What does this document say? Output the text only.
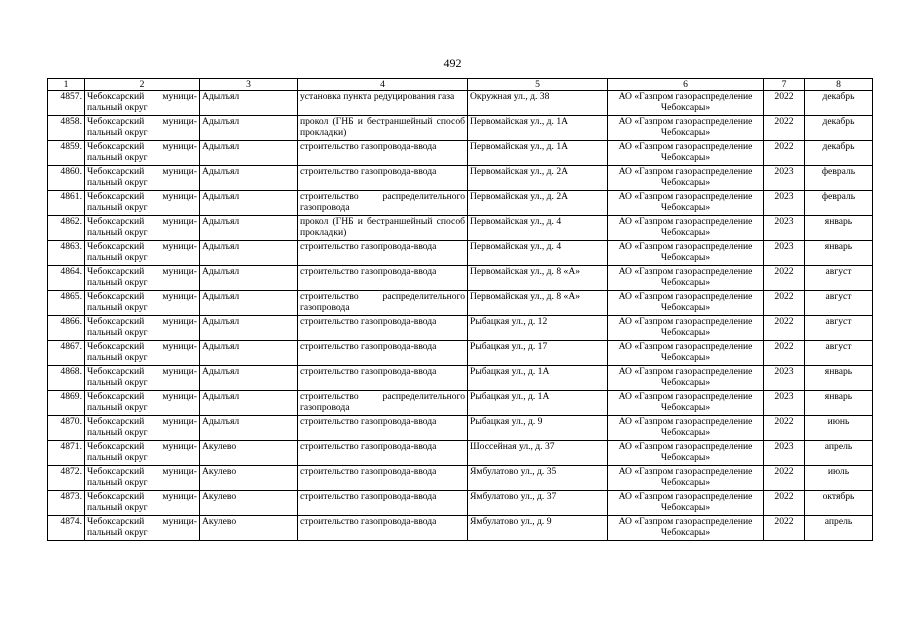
492
1	2	3	4	5	6	7	8
4857.	Чебоксарский муници-пальный округ	Адылъял	установка пункта редуцирования газа	Окружная ул., д. 38	АО «Газпром газораспределение Чебоксары»	2022	декабрь
4858.	Чебоксарский муници-пальный округ	Адылъял	прокол (ГНБ и бестраншейный способ прокладки)	Первомайская ул., д. 1А	АО «Газпром газораспределение Чебоксары»	2022	декабрь
4859.	Чебоксарский муници-пальный округ	Адылъял	строительство газопровода-ввода	Первомайская ул., д. 1А	АО «Газпром газораспределение Чебоксары»	2022	декабрь
4860.	Чебоксарский муници-пальный округ	Адылъял	строительство газопровода-ввода	Первомайская ул., д. 2А	АО «Газпром газораспределение Чебоксары»	2023	февраль
4861.	Чебоксарский муници-пальный округ	Адылъял	строительство распределительного газопровода	Первомайская ул., д. 2А	АО «Газпром газораспределение Чебоксары»	2023	февраль
4862.	Чебоксарский муници-пальный округ	Адылъял	прокол (ГНБ и бестраншейный способ прокладки)	Первомайская ул., д. 4	АО «Газпром газораспределение Чебоксары»	2023	январь
4863.	Чебоксарский муници-пальный округ	Адылъял	строительство газопровода-ввода	Первомайская ул., д. 4	АО «Газпром газораспределение Чебоксары»	2023	январь
4864.	Чебоксарский муници-пальный округ	Адылъял	строительство газопровода-ввода	Первомайская ул., д. 8 «А»	АО «Газпром газораспределение Чебоксары»	2022	август
4865.	Чебоксарский муници-пальный округ	Адылъял	строительство распределительного газопровода	Первомайская ул., д. 8 «А»	АО «Газпром газораспределение Чебоксары»	2022	август
4866.	Чебоксарский муници-пальный округ	Адылъял	строительство газопровода-ввода	Рыбацкая ул., д. 12	АО «Газпром газораспределение Чебоксары»	2022	август
4867.	Чебоксарский муници-пальный округ	Адылъял	строительство газопровода-ввода	Рыбацкая ул., д. 17	АО «Газпром газораспределение Чебоксары»	2022	август
4868.	Чебоксарский муници-пальный округ	Адылъял	строительство газопровода-ввода	Рыбацкая ул., д. 1А	АО «Газпром газораспределение Чебоксары»	2023	январь
4869.	Чебоксарский муници-пальный округ	Адылъял	строительство распределительного газопровода	Рыбацкая ул., д. 1А	АО «Газпром газораспределение Чебоксары»	2023	январь
4870.	Чебоксарский муници-пальный округ	Адылъял	строительство газопровода-ввода	Рыбацкая ул., д. 9	АО «Газпром газораспределение Чебоксары»	2022	июнь
4871.	Чебоксарский муници-пальный округ	Акулево	строительство газопровода-ввода	Шоссейная ул., д. 37	АО «Газпром газораспределение Чебоксары»	2023	апрель
4872.	Чебоксарский муници-пальный округ	Акулево	строительство газопровода-ввода	Ямбулатово ул., д. 35	АО «Газпром газораспределение Чебоксары»	2022	июль
4873.	Чебоксарский муници-пальный округ	Акулево	строительство газопровода-ввода	Ямбулатово ул., д. 37	АО «Газпром газораспределение Чебоксары»	2022	октябрь
4874.	Чебоксарский муници-пальный округ	Акулево	строительство газопровода-ввода	Ямбулатово ул., д. 9	АО «Газпром газораспределение Чебоксары»	2022	апрель
